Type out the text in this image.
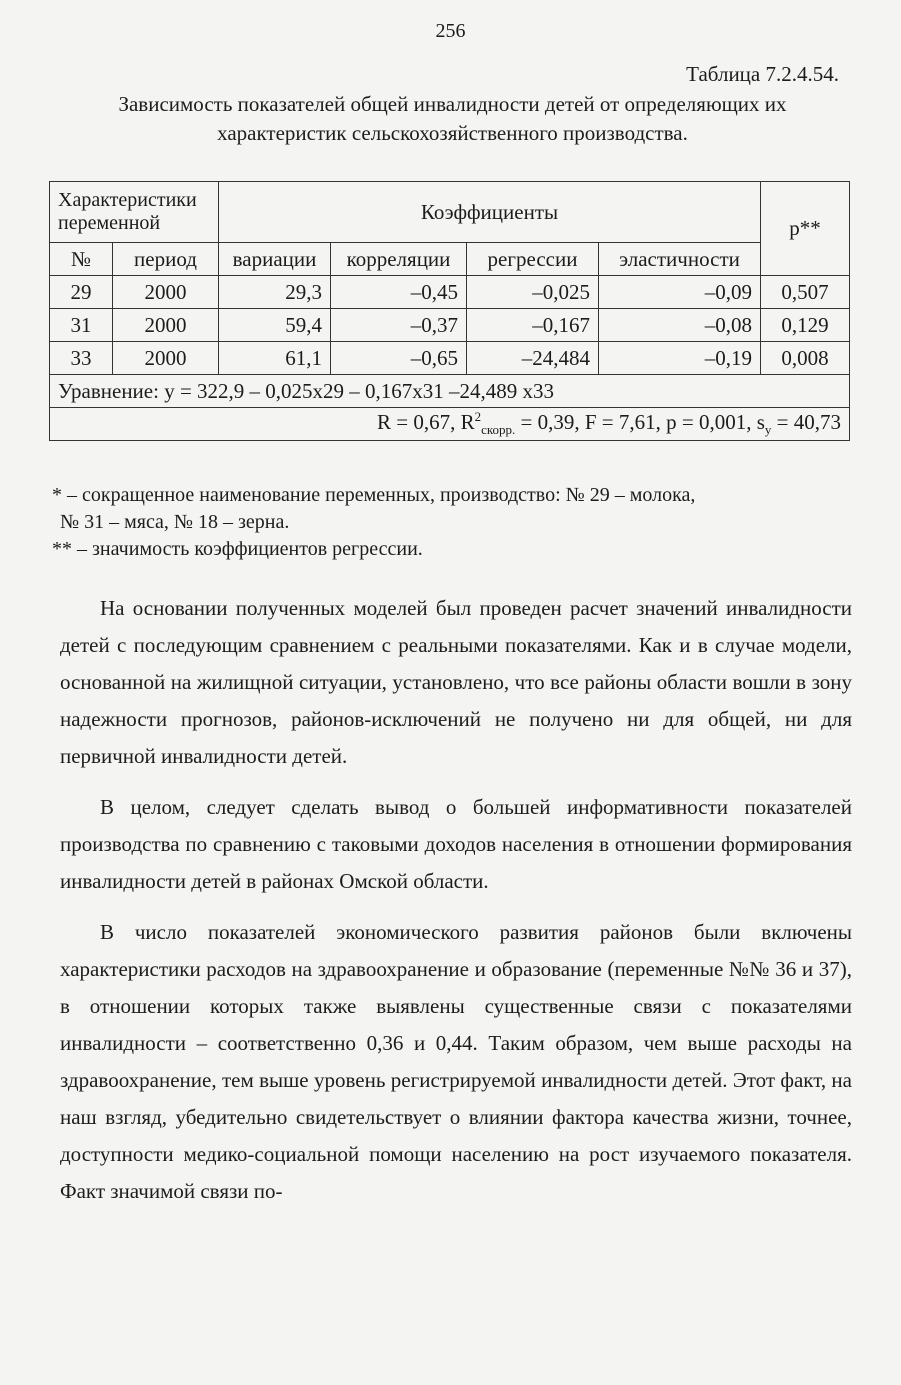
256
Таблица 7.2.4.54.
Зависимость показателей общей инвалидности детей от определяющих их
характеристик сельскохозяйственного производства.
Характеристики переменной		Коэффициенты				p**
№	период	вариации	корреляции	регрессии	эластичности	
29	2000	29,3	–0,45	–0,025	–0,09	0,507
31	2000	59,4	–0,37	–0,167	–0,08	0,129
33	2000	61,1	–0,65	–24,484	–0,19	0,008
Уравнение: y = 322,9 – 0,025x29 – 0,167x31 –24,489 x33						
R = 0,67, $R^2_{скорр.} = 0,39$, F = 7,61, p = 0,001, $s_y = 40,73$						
* – сокращенное наименование переменных, производство: № 29 – молока,
№ 31 – мяса, № 18 – зерна.
** – значимость коэффициентов регрессии.

На основании полученных моделей был проведен расчет значений инвалидности детей с последующим сравнением с реальными показателями. Как и в случае модели, основанной на жилищной ситуации, установлено, что все районы области вошли в зону надежности прогнозов, районов-исключений не получено ни для общей, ни для первичной инвалидности детей.

В целом, следует сделать вывод о большей информативности показателей производства по сравнению с таковыми доходов населения в отношении формирования инвалидности детей в районах Омской области.

В число показателей экономического развития районов были включены характеристики расходов на здравоохранение и образование (переменные №№ 36 и 37), в отношении которых также выявлены существенные связи с показателями инвалидности – соответственно 0,36 и 0,44. Таким образом, чем выше расходы на здравоохранение, тем выше уровень регистрируемой инвалидности детей. Этот факт, на наш взгляд, убедительно свидетельствует о влиянии фактора качества жизни, точнее, доступности медико-социальной помощи населению на рост изучаемого показателя. Факт значимой связи по-
